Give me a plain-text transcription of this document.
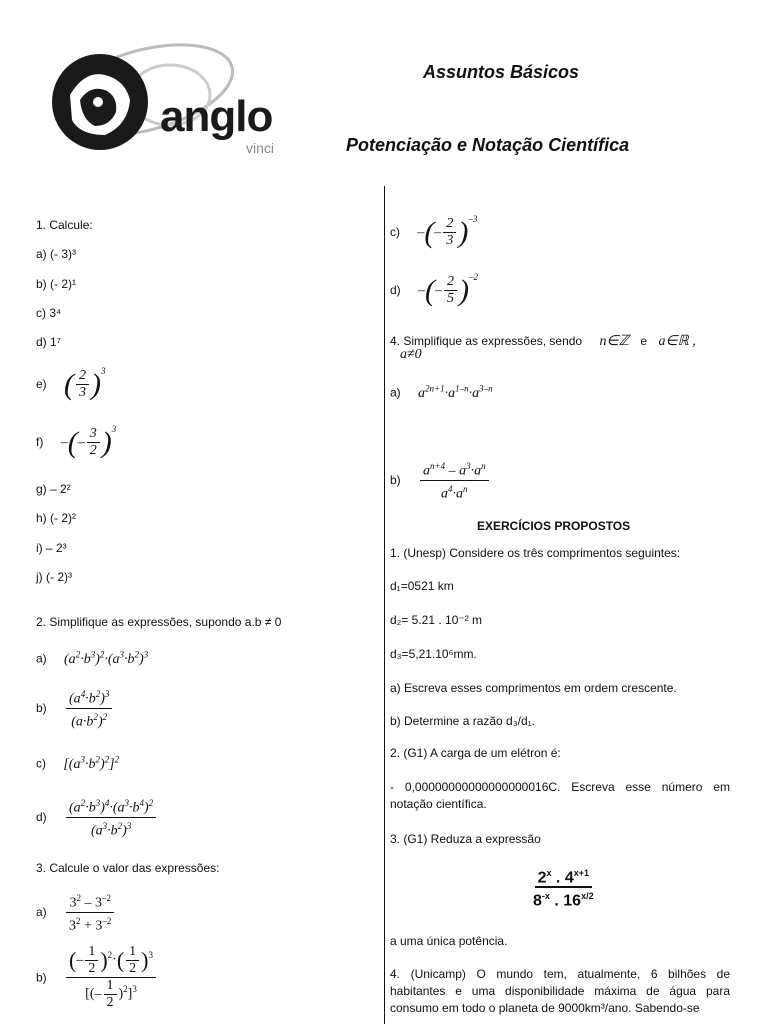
anglo
vinci
Assuntos Básicos
Potenciação e Notação Científica
1. Calcule:
a) (- 3)³
b) (- 2)¹
c) 3⁴
d) 1⁷
e) ( $\frac{2}{3} )^3$
f) –(– $\frac{3}{2} )^3$
g) – 2²
h) (- 2)²
i) – 2³
j) (- 2)³
2. Simplifique as expressões, supondo a.b ≠ 0
a) $(a^2\cdot b^3)^2\cdot(a^3\cdot b^2)^3$
$b) \frac{(a^4\cdot b^2)^3}{(a\cdot b^2)^2}$
c) $[(a^3\cdot b^2)^2]^2$
$d) \frac{(a^2\cdot b^3)^4\cdot(a^3\cdot b^4)^2}{(a^3\cdot b^2)^3}$
3. Calcule o valor das expressões:
$a) \frac{3^2 - 3^{-2}}{3^2 + 3^{-2}}$
$b) \frac{(- \frac{1}{2} )^2\cdot( \frac{1}{2} )^3}{[(- \frac{1}{2} )^2]^3}$
c) –(– $\frac{2}{3} )^{-3}$
d) –(– $\frac{2}{5} )^{-2}$
4. Simplifique as expressões, sendo n∈ℤ e a∈ℝ ,
a≠0
a) $a^{2n+1}\cdot a^{1-n}\cdot a^{3-n}$
$b) \frac{a^{n+4} - a^3\cdot a^n}{a^4\cdot a^n}$
EXERCÍCIOS PROPOSTOS
1. (Unesp) Considere os três comprimentos seguintes:
d₁=0521 km
d₂= 5.21 . 10⁻² m
d₃=5,21.10⁶mm.
a) Escreva esses comprimentos em ordem crescente.
b) Determine a razão d₃/d₁.
2. (G1) A carga de um elétron é:
- 0,00000000000000000016C. Escreva esse número em notação científica.
3. (G1) Reduza a expressão
$\frac{2^x . 4^{x+1}}{8^{-x} . 16^{x/2}}$
a uma única potência.
4. (Unicamp) O mundo tem, atualmente, 6 bilhões de habitantes e uma disponibilidade máxima de água para consumo em todo o planeta de 9000km³/ano. Sabendo-se
